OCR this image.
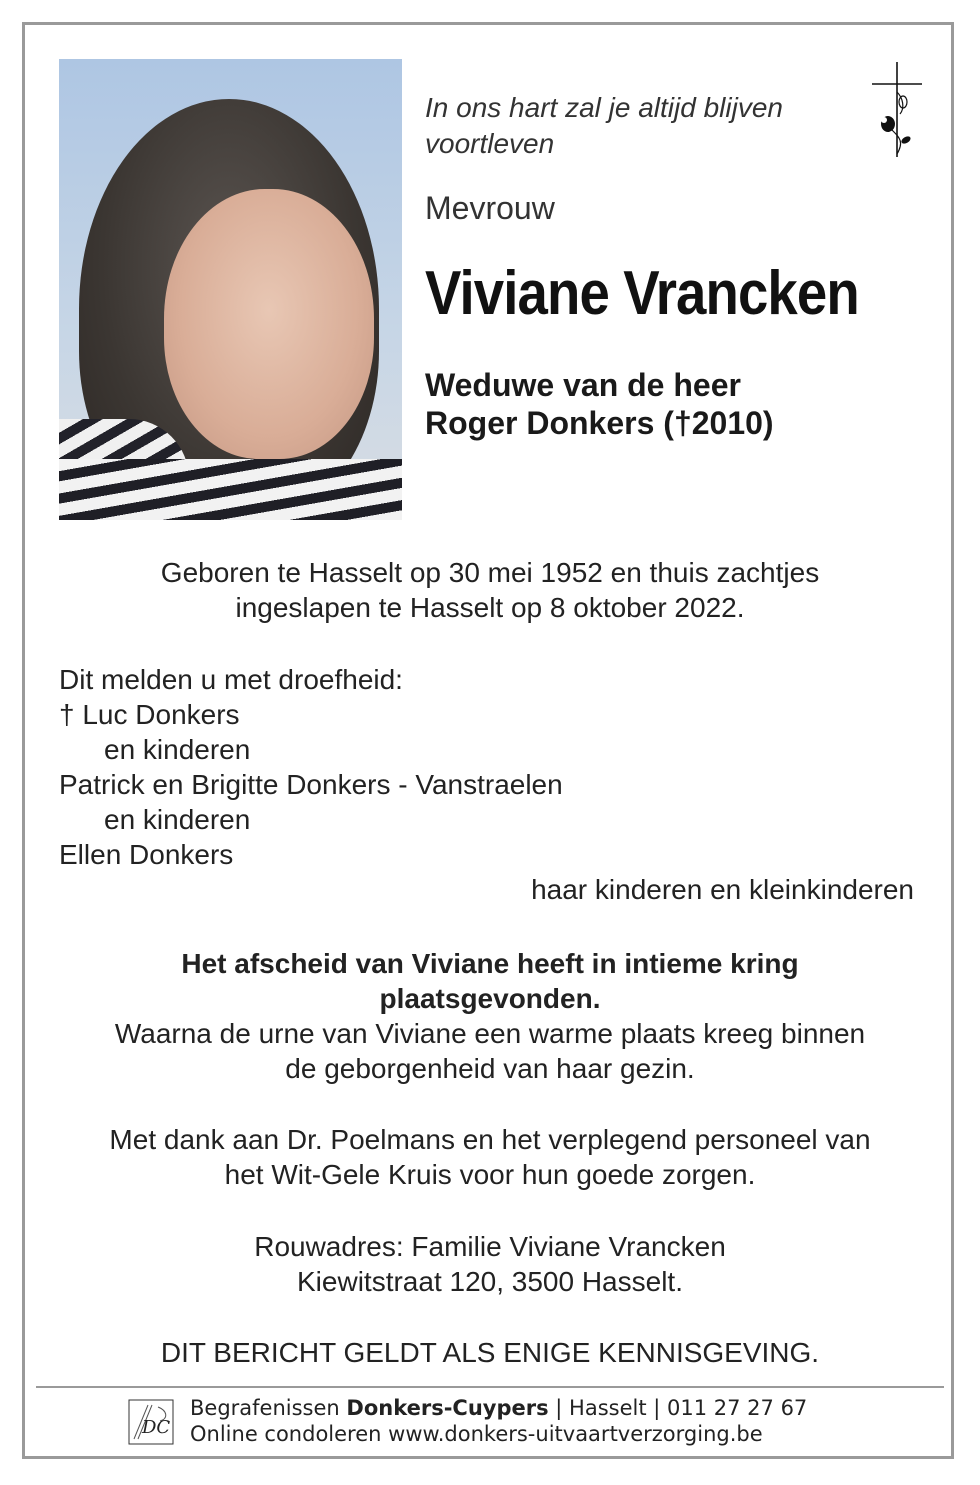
In ons hart zal je altijd blijven
voortleven
Mevrouw
Viviane Vrancken
Weduwe van de heer
Roger Donkers (†2010)
Geboren te Hasselt op 30 mei 1952 en thuis zachtjes
ingeslapen te Hasselt op 8 oktober 2022.
Dit melden u met droefheid:
† Luc Donkers
en kinderen
Patrick en Brigitte Donkers - Vanstraelen
en kinderen
Ellen Donkers
haar kinderen en kleinkinderen
Het afscheid van Viviane heeft in intieme kring
plaatsgevonden.
Waarna de urne van Viviane een warme plaats kreeg binnen
de geborgenheid van haar gezin.
Met dank aan Dr. Poelmans en het verplegend personeel van
het Wit-Gele Kruis voor hun goede zorgen.
Rouwadres: Familie Viviane Vrancken
Kiewitstraat 120, 3500 Hasselt.
DIT BERICHT GELDT ALS ENIGE KENNISGEVING.
DC
Begrafenissen Donkers-Cuypers | Hasselt | 011 27 27 67
Online condoleren www.donkers-uitvaartverzorging.be
